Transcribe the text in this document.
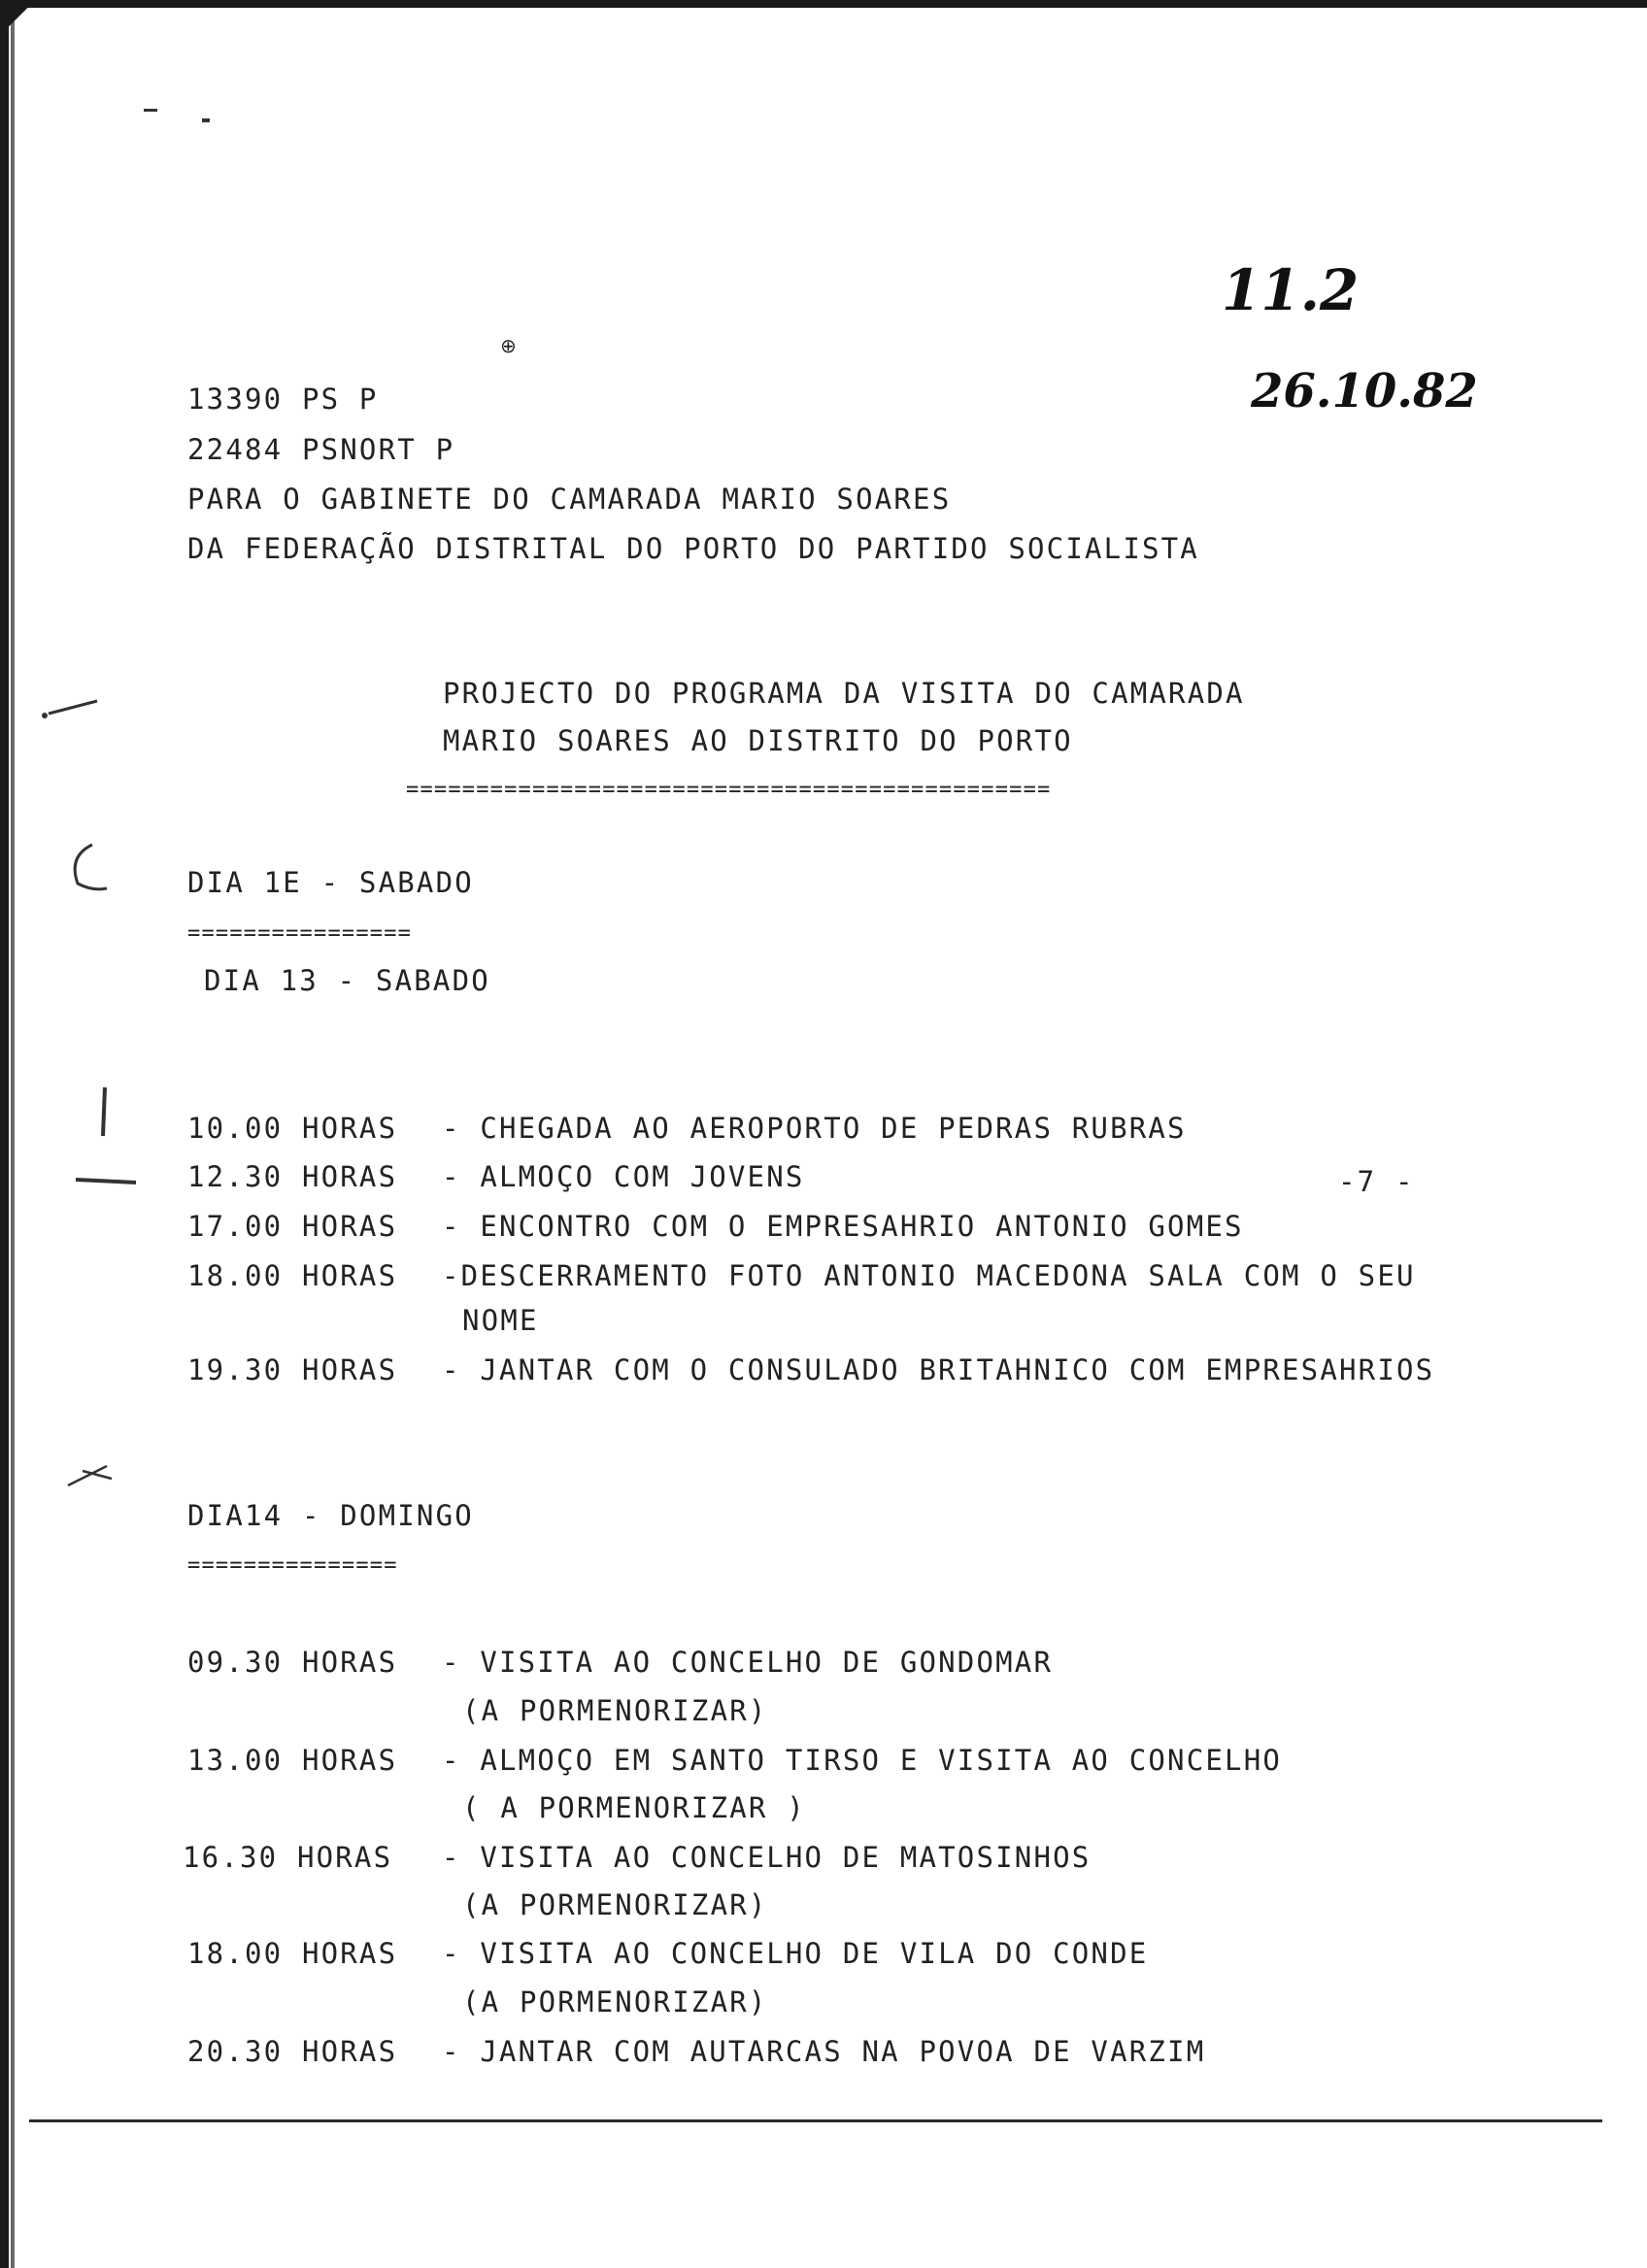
⊕
11.2
26.10.82
-7 -
13390 PS P
22484 PSNORT P
PARA O GABINETE DO CAMARADA MARIO SOARES
DA FEDERAÇÃO DISTRITAL DO PORTO DO PARTIDO SOCIALISTA
PROJECTO DO PROGRAMA DA VISITA DO CAMARADA
MARIO SOARES AO DISTRITO DO PORTO
==============================================
DIA 1E - SABADO
================
DIA 13 - SABADO
10.00 HORAS - CHEGADA AO AEROPORTO DE PEDRAS RUBRAS
12.30 HORAS - ALMOÇO COM JOVENS
17.00 HORAS - ENCONTRO COM O EMPRESAHRIO ANTONIO GOMES
18.00 HORAS -DESCERRAMENTO FOTO ANTONIO MACEDONA SALA COM O SEU
NOME
19.30 HORAS - JANTAR COM O CONSULADO BRITAHNICO COM EMPRESAHRIOS
DIA14 - DOMINGO
===============
09.30 HORAS - VISITA AO CONCELHO DE GONDOMAR
(A PORMENORIZAR)
13.00 HORAS - ALMOÇO EM SANTO TIRSO E VISITA AO CONCELHO
( A PORMENORIZAR )
16.30 HORAS - VISITA AO CONCELHO DE MATOSINHOS
(A PORMENORIZAR)
18.00 HORAS - VISITA AO CONCELHO DE VILA DO CONDE
(A PORMENORIZAR)
20.30 HORAS - JANTAR COM AUTARCAS NA POVOA DE VARZIM
